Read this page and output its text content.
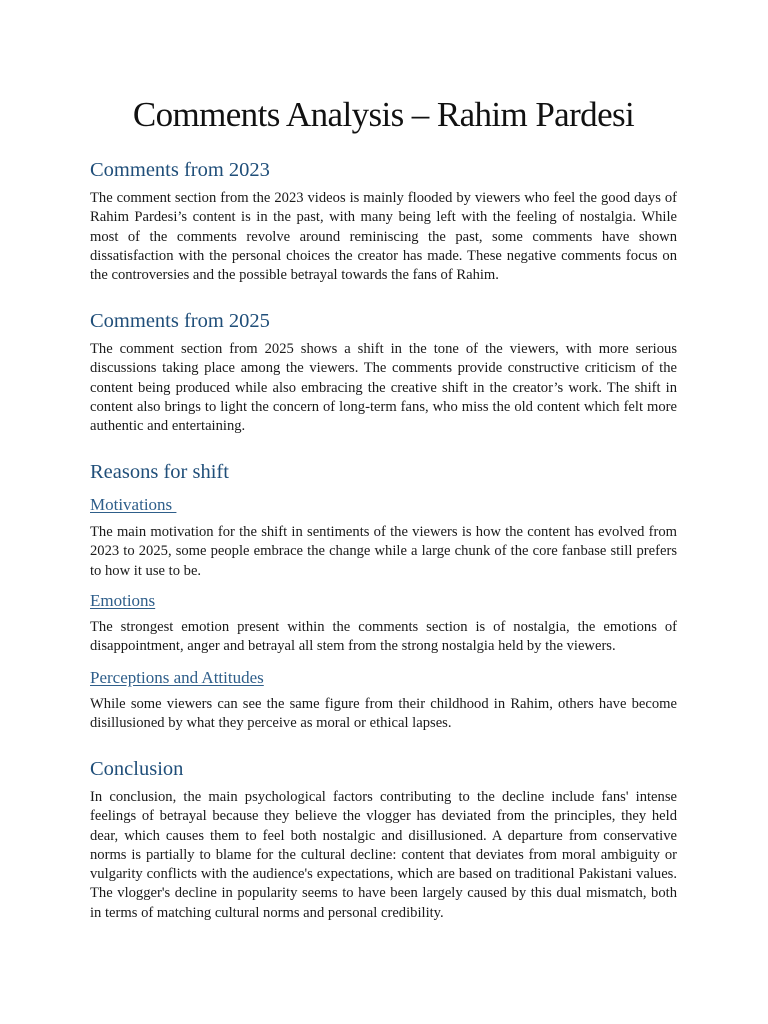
Comments Analysis – Rahim Pardesi
Comments from 2023

The comment section from the 2023 videos is mainly flooded by viewers who feel the good days of Rahim Pardesi’s content is in the past, with many being left with the feeling of nostalgia. While most of the comments revolve around reminiscing the past, some comments have shown dissatisfaction with the personal choices the creator has made. These negative comments focus on the controversies and the possible betrayal towards the fans of Rahim.

Comments from 2025

The comment section from 2025 shows a shift in the tone of the viewers, with more serious discussions taking place among the viewers. The comments provide constructive criticism of the content being produced while also embracing the creative shift in the creator’s work. The shift in content also brings to light the concern of long-term fans, who miss the old content which felt more authentic and entertaining.

Reasons for shift
Motivations

The main motivation for the shift in sentiments of the viewers is how the content has evolved from 2023 to 2025, some people embrace the change while a large chunk of the core fanbase still prefers to how it use to be.

Emotions

The strongest emotion present within the comments section is of nostalgia, the emotions of disappointment, anger and betrayal all stem from the strong nostalgia held by the viewers.

Perceptions and Attitudes

While some viewers can see the same figure from their childhood in Rahim, others have become disillusioned by what they perceive as moral or ethical lapses.

Conclusion

In conclusion, the main psychological factors contributing to the decline include fans' intense feelings of betrayal because they believe the vlogger has deviated from the principles, they held dear, which causes them to feel both nostalgic and disillusioned. A departure from conservative norms is partially to blame for the cultural decline: content that deviates from moral ambiguity or vulgarity conflicts with the audience's expectations, which are based on traditional Pakistani values. The vlogger's decline in popularity seems to have been largely caused by this dual mismatch, both in terms of matching cultural norms and personal credibility.
